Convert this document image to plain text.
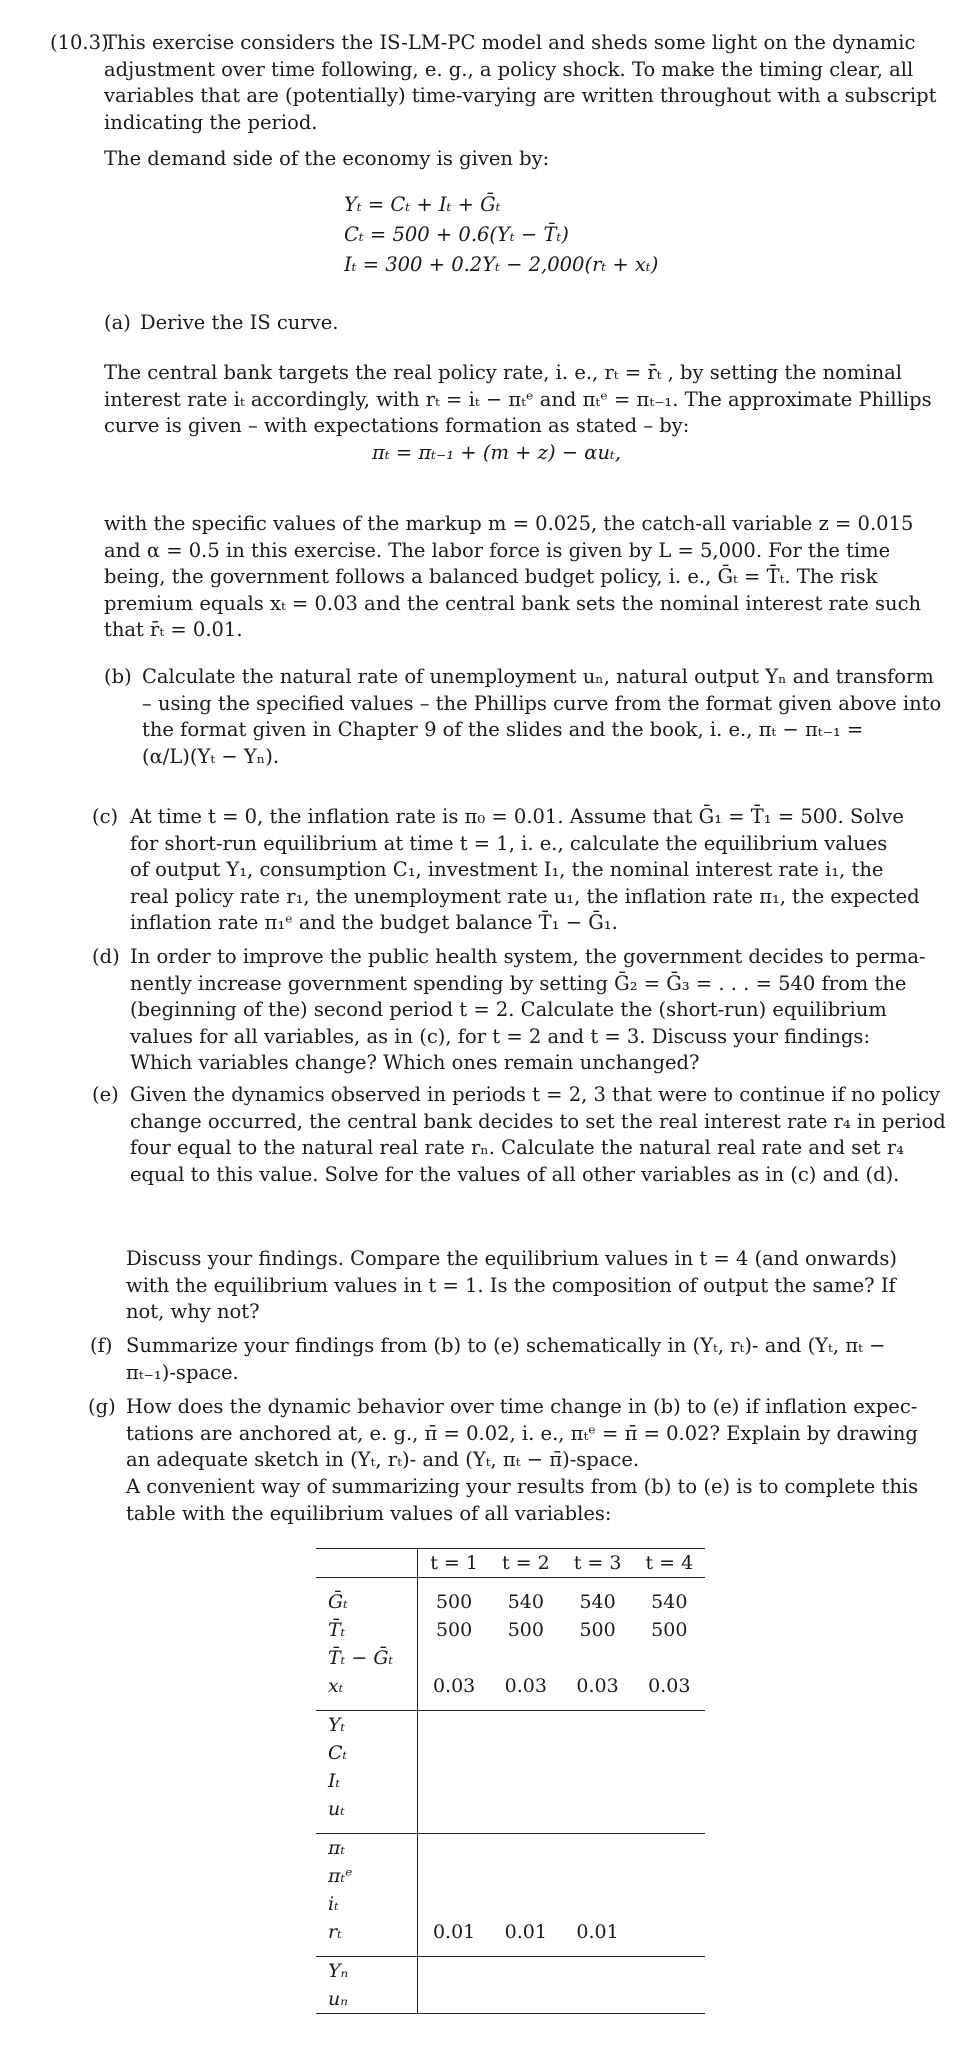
(10.3)
This exercise considers the IS-LM-PC model and sheds some light on the dynamic
adjustment over time following, e. g., a policy shock. To make the timing clear, all
variables that are (potentially) time-varying are written throughout with a subscript
indicating the period.
The demand side of the economy is given by:
Yₜ = Cₜ + Iₜ + Ḡₜ
Cₜ = 500 + 0.6(Yₜ − T̄ₜ)
Iₜ = 300 + 0.2Yₜ − 2,000(rₜ + xₜ)
(a) Derive the IS curve.
The central bank targets the real policy rate, i. e., rₜ = r̄ₜ , by setting the nominal
interest rate iₜ accordingly, with rₜ = iₜ − πₜᵉ and πₜᵉ = πₜ₋₁. The approximate Phillips
curve is given – with expectations formation as stated – by:
πₜ = πₜ₋₁ + (m + z) − αuₜ,
with the specific values of the markup m = 0.025, the catch-all variable z = 0.015
and α = 0.5 in this exercise. The labor force is given by L = 5,000. For the time
being, the government follows a balanced budget policy, i. e., Ḡₜ = T̄ₜ. The risk
premium equals xₜ = 0.03 and the central bank sets the nominal interest rate such
that r̄ₜ = 0.01.
(b) Calculate the natural rate of unemployment uₙ, natural output Yₙ and transform
– using the specified values – the Phillips curve from the format given above into
the format given in Chapter 9 of the slides and the book, i. e., πₜ − πₜ₋₁ =
(α/L)(Yₜ − Yₙ).
(c) At time t = 0, the inflation rate is π₀ = 0.01. Assume that Ḡ₁ = T̄₁ = 500. Solve
for short-run equilibrium at time t = 1, i. e., calculate the equilibrium values
of output Y₁, consumption C₁, investment I₁, the nominal interest rate i₁, the
real policy rate r₁, the unemployment rate u₁, the inflation rate π₁, the expected
inflation rate π₁ᵉ and the budget balance T̄₁ − Ḡ₁.
(d) In order to improve the public health system, the government decides to perma-
nently increase government spending by setting Ḡ₂ = Ḡ₃ = . . . = 540 from the
(beginning of the) second period t = 2. Calculate the (short-run) equilibrium
values for all variables, as in (c), for t = 2 and t = 3. Discuss your findings:
Which variables change? Which ones remain unchanged?
(e) Given the dynamics observed in periods t = 2, 3 that were to continue if no policy
change occurred, the central bank decides to set the real interest rate r₄ in period
four equal to the natural real rate rₙ. Calculate the natural real rate and set r₄
equal to this value. Solve for the values of all other variables as in (c) and (d).
Discuss your findings. Compare the equilibrium values in t = 4 (and onwards)
with the equilibrium values in t = 1. Is the composition of output the same? If
not, why not?
(f) Summarize your findings from (b) to (e) schematically in (Yₜ, rₜ)- and (Yₜ, πₜ −
πₜ₋₁)-space.
(g) How does the dynamic behavior over time change in (b) to (e) if inflation expec-
tations are anchored at, e. g., π̄ = 0.02, i. e., πₜᵉ = π̄ = 0.02? Explain by drawing
an adequate sketch in (Yₜ, rₜ)- and (Yₜ, πₜ − π̄)-space.
A convenient way of summarizing your results from (b) to (e) is to complete this
table with the equilibrium values of all variables:
	t = 1	t = 2	t = 3	t = 4

Ḡₜ	500	540	540	540
T̄ₜ	500	500	500	500
T̄ₜ − Ḡₜ				
xₜ	0.03	0.03	0.03	0.03

Yₜ				
Cₜ				
Iₜ				
uₜ				

πₜ				
πₜᵉ				
iₜ				
rₜ	0.01	0.01	0.01	

Yₙ				
uₙ				
